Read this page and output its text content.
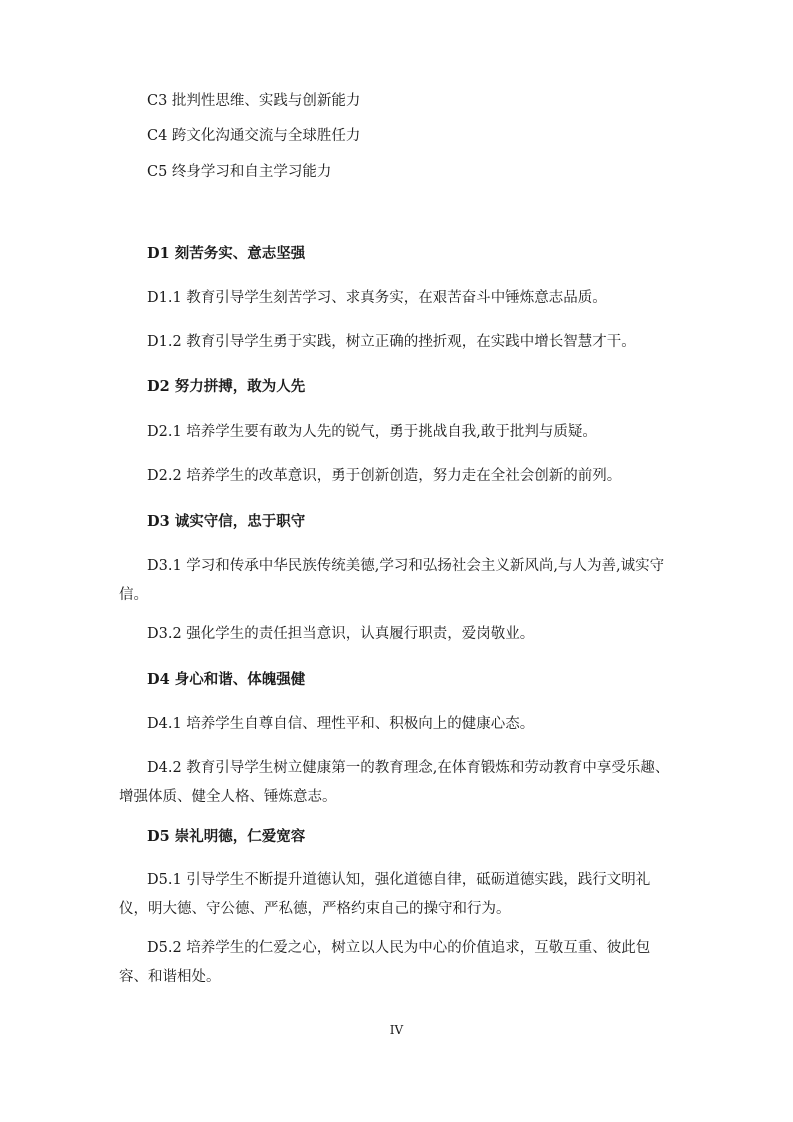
C3 批判性思维、实践与创新能力
C4 跨文化沟通交流与全球胜任力
C5 终身学习和自主学习能力
D1 刻苦务实、意志坚强
D1.1 教育引导学生刻苦学习、求真务实，在艰苦奋斗中锤炼意志品质。
D1.2 教育引导学生勇于实践，树立正确的挫折观，在实践中增长智慧才干。
D2 努力拼搏，敢为人先
D2.1 培养学生要有敢为人先的锐气，勇于挑战自我,敢于批判与质疑。
D2.2 培养学生的改革意识，勇于创新创造，努力走在全社会创新的前列。
D3 诚实守信，忠于职守
D3.1 学习和传承中华民族传统美德,学习和弘扬社会主义新风尚,与人为善,诚实守信。
D3.2 强化学生的责任担当意识，认真履行职责，爱岗敬业。
D4 身心和谐、体魄强健
D4.1 培养学生自尊自信、理性平和、积极向上的健康心态。
D4.2 教育引导学生树立健康第一的教育理念,在体育锻炼和劳动教育中享受乐趣、增强体质、健全人格、锤炼意志。
D5 崇礼明德，仁爱宽容
D5.1 引导学生不断提升道德认知，强化道德自律，砥砺道德实践，践行文明礼仪，明大德、守公德、严私德，严格约束自己的操守和行为。
D5.2 培养学生的仁爱之心，树立以人民为中心的价值追求，互敬互重、彼此包容、和谐相处。
IV
